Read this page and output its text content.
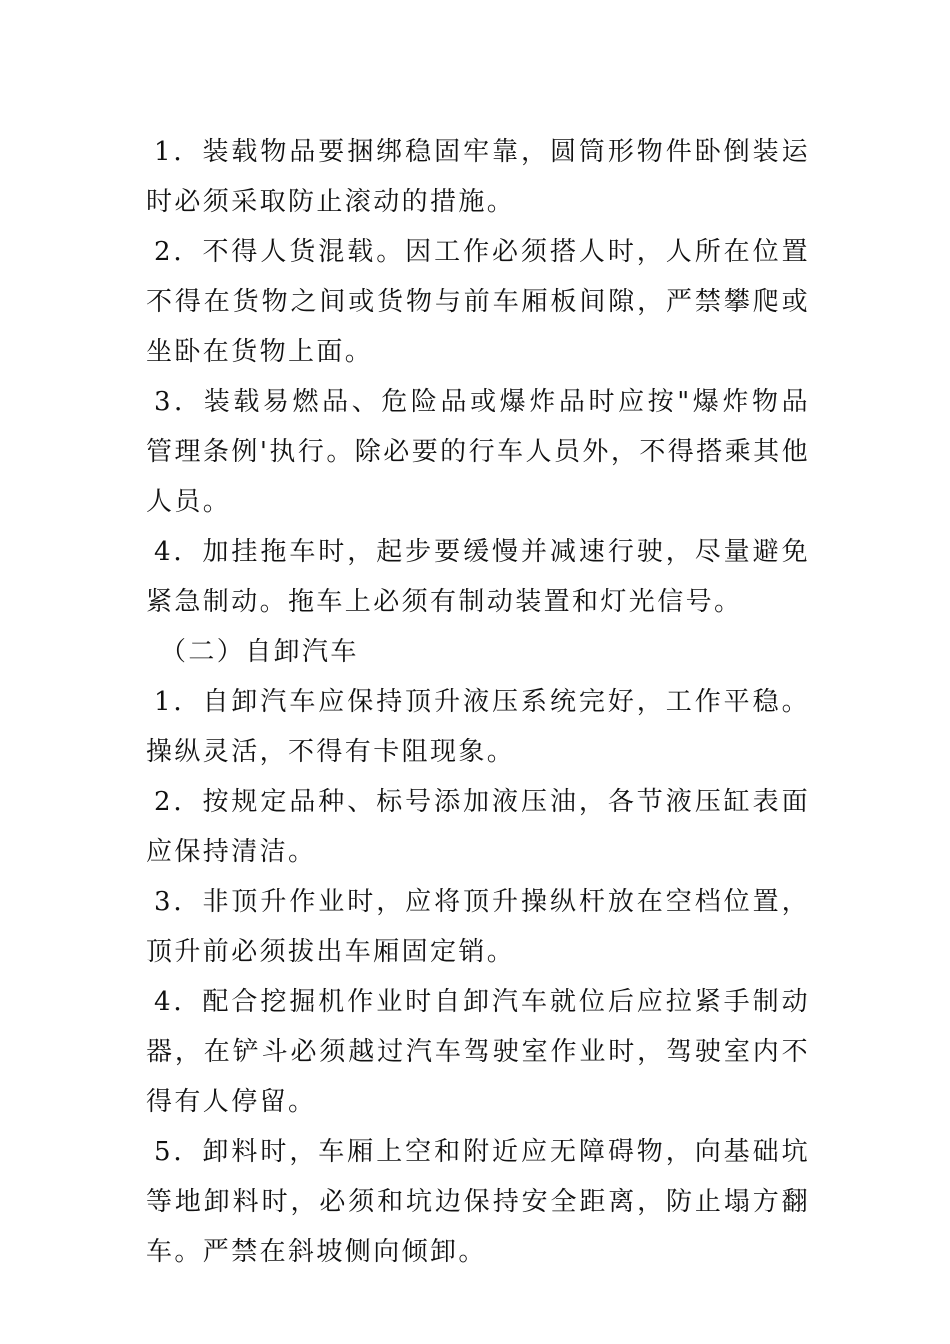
1．装载物品要捆绑稳固牢靠，圆筒形物件卧倒装运时必须采取防止滚动的措施。

2．不得人货混载。因工作必须搭人时，人所在位置不得在货物之间或货物与前车厢板间隙，严禁攀爬或坐卧在货物上面。

3．装载易燃品、危险品或爆炸品时应按"爆炸物品管理条例'执行。除必要的行车人员外，不得搭乘其他人员。

4．加挂拖车时，起步要缓慢并减速行驶，尽量避免紧急制动。拖车上必须有制动装置和灯光信号。

（二）自卸汽车

1．自卸汽车应保持顶升液压系统完好，工作平稳。操纵灵活，不得有卡阻现象。

2．按规定品种、标号添加液压油，各节液压缸表面应保持清洁。

3．非顶升作业时，应将顶升操纵杆放在空档位置，顶升前必须拔出车厢固定销。

4．配合挖掘机作业时自卸汽车就位后应拉紧手制动器，在铲斗必须越过汽车驾驶室作业时，驾驶室内不得有人停留。

5．卸料时，车厢上空和附近应无障碍物，向基础坑等地卸料时，必须和坑边保持安全距离，防止塌方翻车。严禁在斜坡侧向倾卸。
